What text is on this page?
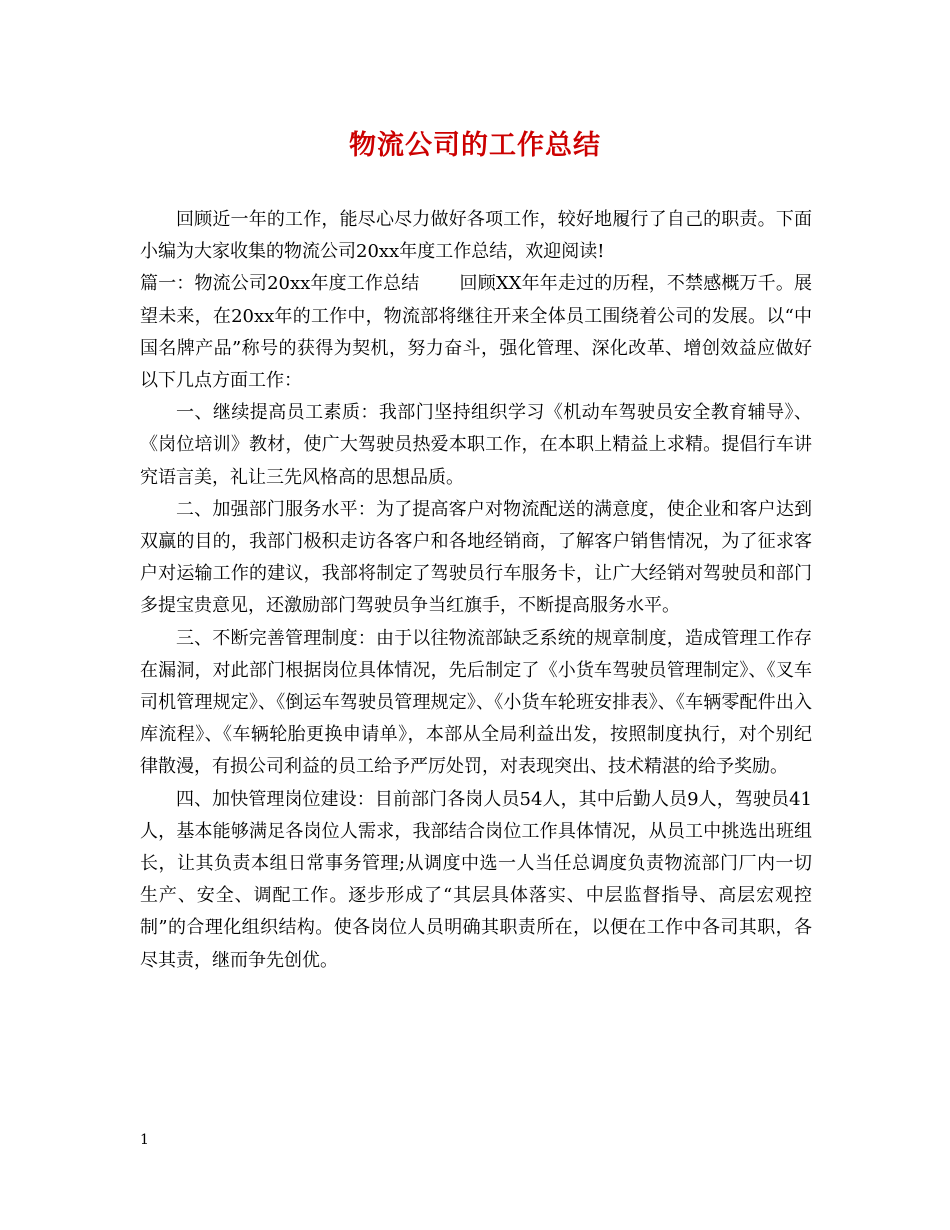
物流公司的工作总结

回顾近一年的工作，能尽心尽力做好各项工作，较好地履行了自己的职责。下面小编为大家收集的物流公司20xx年度工作总结，欢迎阅读!

篇一：物流公司20xx年度工作总结 回顾XX年年走过的历程，不禁感概万千。展望未来，在20xx年的工作中，物流部将继往开来全体员工围绕着公司的发展。以“中国名牌产品”称号的获得为契机，努力奋斗，强化管理、深化改革、增创效益应做好以下几点方面工作：

一、继续提高员工素质：我部门坚持组织学习《机动车驾驶员安全教育辅导》、《岗位培训》教材，使广大驾驶员热爱本职工作，在本职上精益上求精。提倡行车讲究语言美，礼让三先风格高的思想品质。

二、加强部门服务水平：为了提高客户对物流配送的满意度，使企业和客户达到双赢的目的，我部门极积走访各客户和各地经销商，了解客户销售情况，为了征求客户对运输工作的建议，我部将制定了驾驶员行车服务卡，让广大经销对驾驶员和部门多提宝贵意见，还激励部门驾驶员争当红旗手，不断提高服务水平。

三、不断完善管理制度：由于以往物流部缺乏系统的规章制度，造成管理工作存在漏洞，对此部门根据岗位具体情况，先后制定了《小货车驾驶员管理制定》、《叉车司机管理规定》、《倒运车驾驶员管理规定》、《小货车轮班安排表》、《车辆零配件出入库流程》、《车辆轮胎更换申请单》，本部从全局利益出发，按照制度执行，对个别纪律散漫，有损公司利益的员工给予严厉处罚，对表现突出、技术精湛的给予奖励。

四、加快管理岗位建设：目前部门各岗人员54人，其中后勤人员9人，驾驶员41人，基本能够满足各岗位人需求，我部结合岗位工作具体情况，从员工中挑选出班组长，让其负责本组日常事务管理;从调度中选一人当任总调度负责物流部门厂内一切生产、安全、调配工作。逐步形成了“其层具体落实、中层监督指导、高层宏观控制”的合理化组织结构。使各岗位人员明确其职责所在，以便在工作中各司其职，各尽其责，继而争先创优。

1
